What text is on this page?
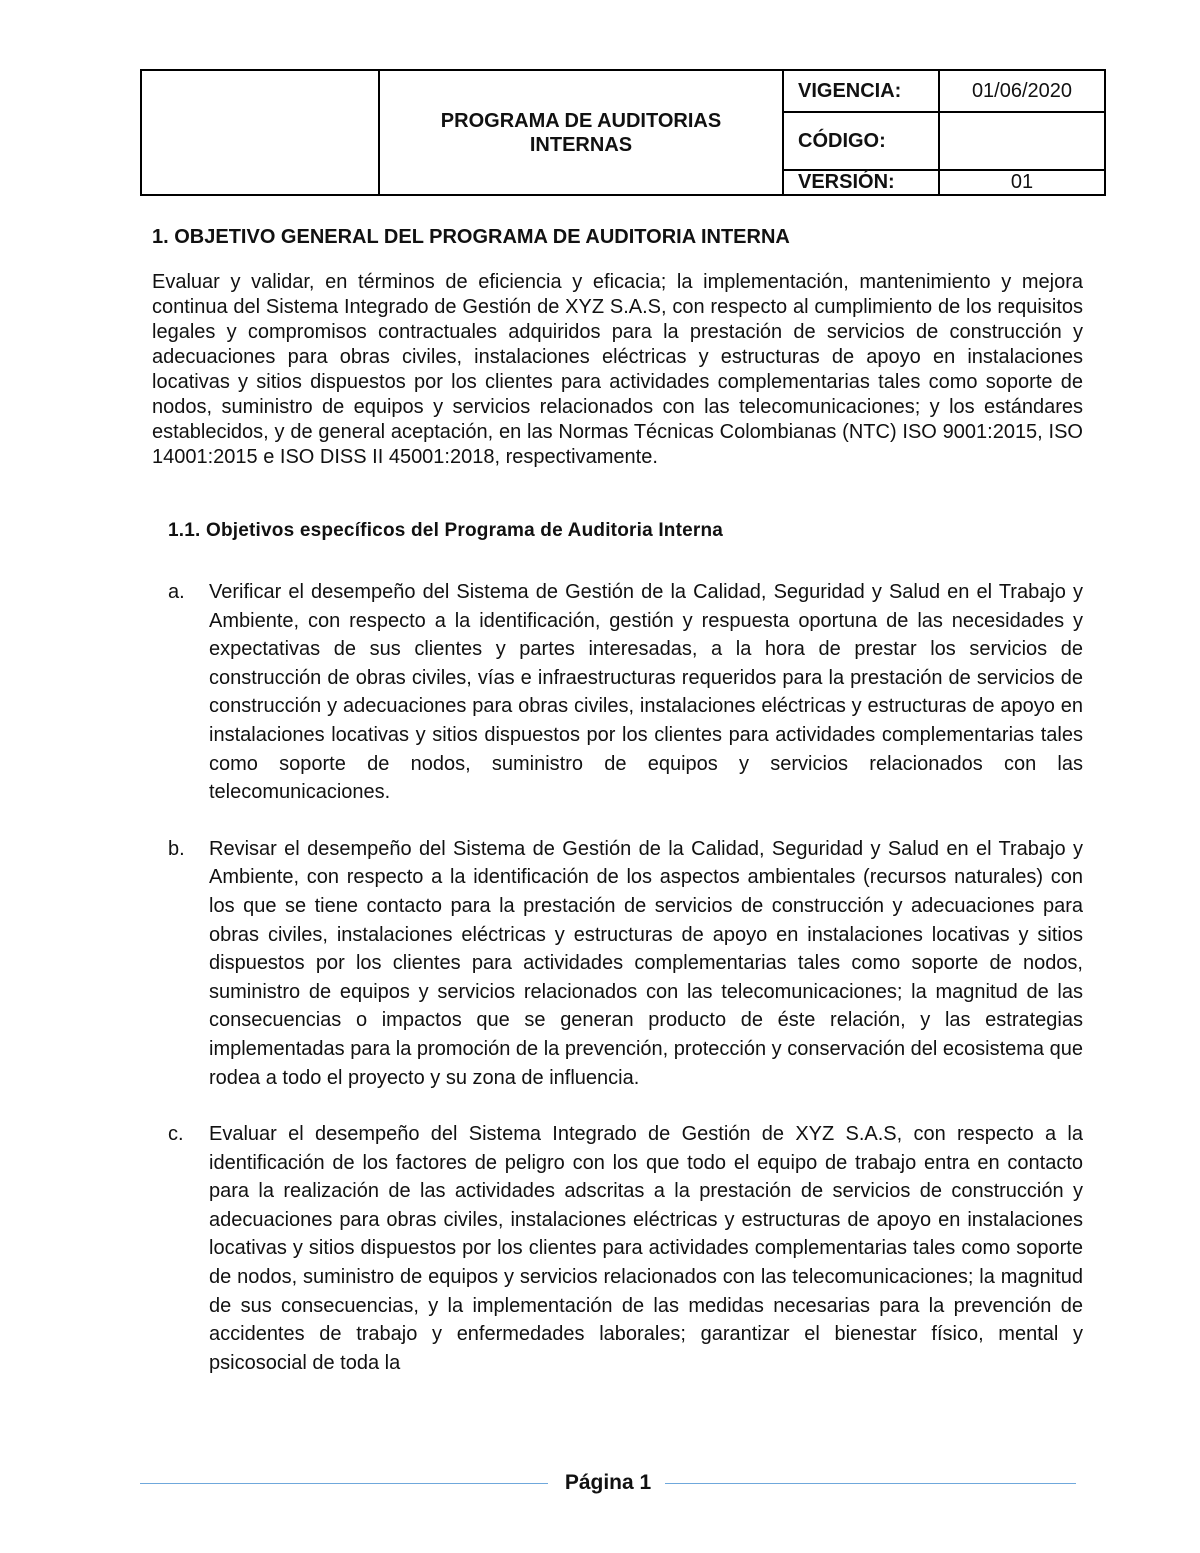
	PROGRAMA DE AUDITORIAS
INTERNAS	VIGENCIA:	01/06/2020
		CÓDIGO:	
		VERSIÓN:	01
1. OBJETIVO GENERAL DEL PROGRAMA DE AUDITORIA INTERNA

Evaluar y validar, en términos de eficiencia y eficacia; la implementación, mantenimiento y mejora continua del Sistema Integrado de Gestión de XYZ S.A.S, con respecto al cumplimiento de los requisitos legales y compromisos contractuales adquiridos para la prestación de servicios de construcción y adecuaciones para obras civiles, instalaciones eléctricas y estructuras de apoyo en instalaciones locativas y sitios dispuestos por los clientes para actividades complementarias tales como soporte de nodos, suministro de equipos y servicios relacionados con las telecomunicaciones; y los estándares establecidos, y de general aceptación, en las Normas Técnicas Colombianas (NTC) ISO 9001:2015, ISO 14001:2015 e ISO DISS II 45001:2018, respectivamente.

1.1. Objetivos específicos del Programa de Auditoria Interna
a. Verificar el desempeño del Sistema de Gestión de la Calidad, Seguridad y Salud en el Trabajo y Ambiente, con respecto a la identificación, gestión y respuesta oportuna de las necesidades y expectativas de sus clientes y partes interesadas, a la hora de prestar los servicios de construcción de obras civiles, vías e infraestructuras requeridos para la prestación de servicios de construcción y adecuaciones para obras civiles, instalaciones eléctricas y estructuras de apoyo en instalaciones locativas y sitios dispuestos por los clientes para actividades complementarias tales como soporte de nodos, suministro de equipos y servicios relacionados con las telecomunicaciones.
b. Revisar el desempeño del Sistema de Gestión de la Calidad, Seguridad y Salud en el Trabajo y Ambiente, con respecto a la identificación de los aspectos ambientales (recursos naturales) con los que se tiene contacto para la prestación de servicios de construcción y adecuaciones para obras civiles, instalaciones eléctricas y estructuras de apoyo en instalaciones locativas y sitios dispuestos por los clientes para actividades complementarias tales como soporte de nodos, suministro de equipos y servicios relacionados con las telecomunicaciones; la magnitud de las consecuencias o impactos que se generan producto de éste relación, y las estrategias implementadas para la promoción de la prevención, protección y conservación del ecosistema que rodea a todo el proyecto y su zona de influencia.
c. Evaluar el desempeño del Sistema Integrado de Gestión de XYZ S.A.S, con respecto a la identificación de los factores de peligro con los que todo el equipo de trabajo entra en contacto para la realización de las actividades adscritas a la prestación de servicios de construcción y adecuaciones para obras civiles, instalaciones eléctricas y estructuras de apoyo en instalaciones locativas y sitios dispuestos por los clientes para actividades complementarias tales como soporte de nodos, suministro de equipos y servicios relacionados con las telecomunicaciones; la magnitud de sus consecuencias, y la implementación de las medidas necesarias para la prevención de accidentes de trabajo y enfermedades laborales; garantizar el bienestar físico, mental y psicosocial de toda la
Página 1
